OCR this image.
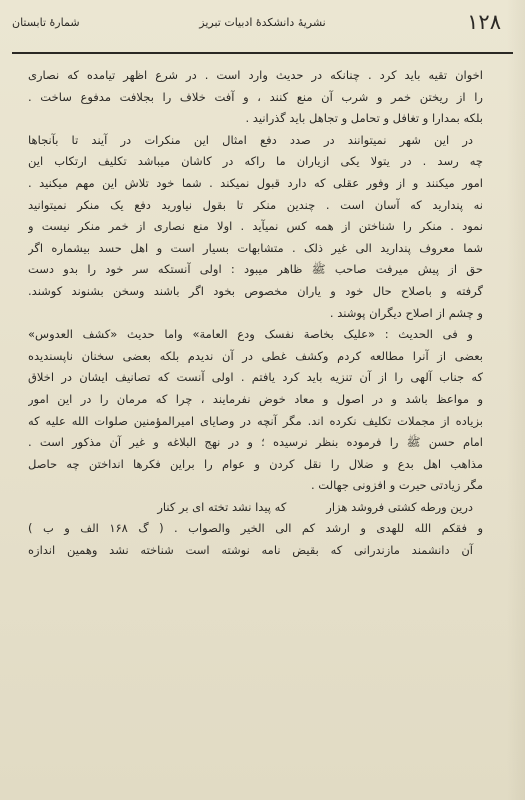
۱۲۸
نشریهٔ دانشکدهٔ ادبیات تبریز
شمارهٔ تابستان
اخوان تقیه باید کرد . چنانکه در حدیث وارد است . در شرع اظهر تیامده که نصاری
را از ریختن خمر و شرب آن منع کنند ، و آفت خلاف را بجلافت مدفوع ساخت .
بلکه بمدارا و تغافل و تحامل و تجاهل باید گذرانید .
در این شهر نمیتوانند در صدد دفع امثال این منکرات در آیند تا بآنجاها
چه رسد . در یتولا یکی ازیاران ما راکه در کاشان میباشد تکلیف ارتکاب این
امور میکنند و از وفور عقلی که دارد قبول نمیکند . شما خود تلاش این مهم میکنید .
نه پندارید که آسان است . چندین منکر تا بقول نیاورید دفع یک منکر نمیتوانید
نمود . منکر را شناختن از همه کس نمیآید . اولا منع نصاری از خمر منکر نیست و
شما معروف پندارید الی غیر ذلک . متشابهات بسیار است و اهل حسد بیشماره اگر
حق از پیش میرفت صاحب ﷺ ظاهر میبود : اولی آنستکه سر خود را بدو دست
گرفته و باصلاح حال خود و یاران مخصوص بخود اگر باشند وسخن بشنوند کوشند.
و چشم از اصلاح دیگران پوشند .
و فی الحدیث : «علیک بخاصة نفسک ودع العامة» واما حدیث «کشف العدوس»
بعضی از آنرا مطالعه کردم وکشف غطی در آن ندیدم بلکه بعضی سخنان ناپسندیده
که جناب آلهی را از آن تنزیه باید کرد یافتم . اولی آنست که تصانیف ایشان در اخلاق
و مواعظ باشد و در اصول و معاد خوض نفرمایند ، چرا که مرمان را در این امور
بزیاده از مجملات تکلیف نکرده اند. مگر آنچه در وصایای امیرالمؤمنین صلوات الله علیه که
امام حسن ﷺ را فرموده بنظر نرسیده ؛ و در نهج البلاغه و غیر آن مذکور است .
مذاهب اهل بدع و ضلال را نقل کردن و عوام را براین فکرها انداختن چه حاصل
مگر زیادتی حیرت و افزونی جهالت .
درین ورطه کشتی فروشد هزار
که پیدا نشد تخته ای بر کنار
و فقکم الله للهدی و ارشد کم الی الخیر والصواب . ( گ ۱۶۸ الف و ب )
آن دانشمند مازندرانی که بقیض نامه نوشته است شناخته نشد وهمین اندازه
